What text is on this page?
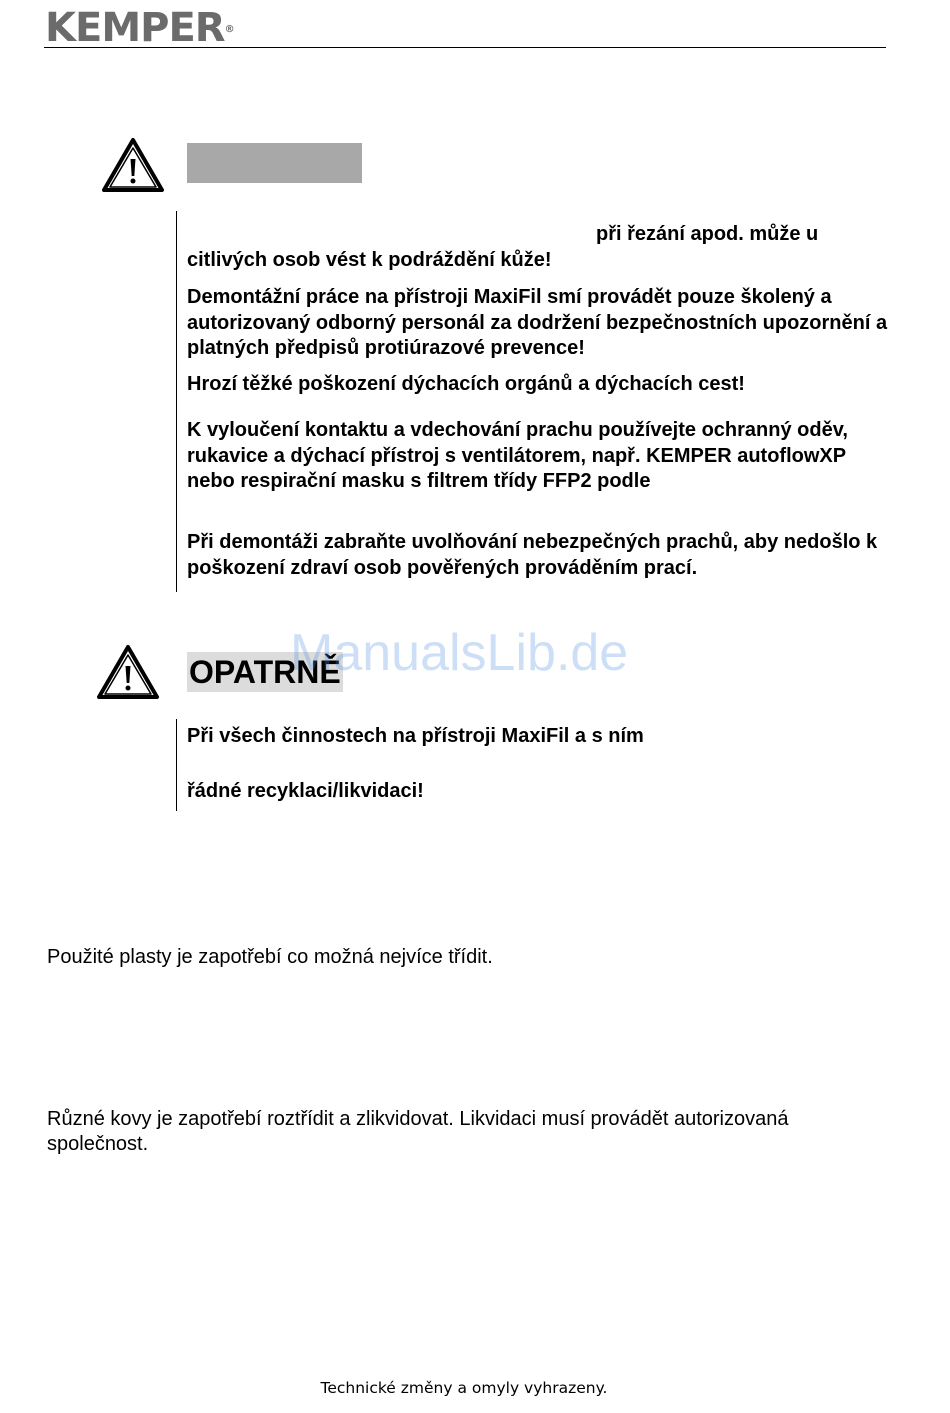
KEMPER®

při řezání apod. může u citlivých osob vést k podráždění kůže!

Demontážní práce na přístroji MaxiFil smí provádět pouze školený a autorizovaný odborný personál za dodržení bezpečnostních upozornění a platných předpisů protiúrazové prevence!

Hrozí těžké poškození dýchacích orgánů a dýchacích cest!

K vyloučení kontaktu a vdechování prachu používejte ochranný oděv, rukavice a dýchací přístroj s ventilátorem, např. KEMPER autoflowXP nebo respirační masku s filtrem třídy FFP2 podle

Při demontáži zabraňte uvolňování nebezpečných prachů, aby nedošlo k poškození zdraví osob pověřených prováděním prací.

OPATRNĚ
ManualsLib.de

Při všech činnostech na přístroji MaxiFil a s ním

řádné recyklaci/likvidaci!

Použité plasty je zapotřebí co možná nejvíce třídit.

Různé kovy je zapotřebí roztřídit a zlikvidovat. Likvidaci musí provádět autorizovaná společnost.

Technické změny a omyly vyhrazeny.
